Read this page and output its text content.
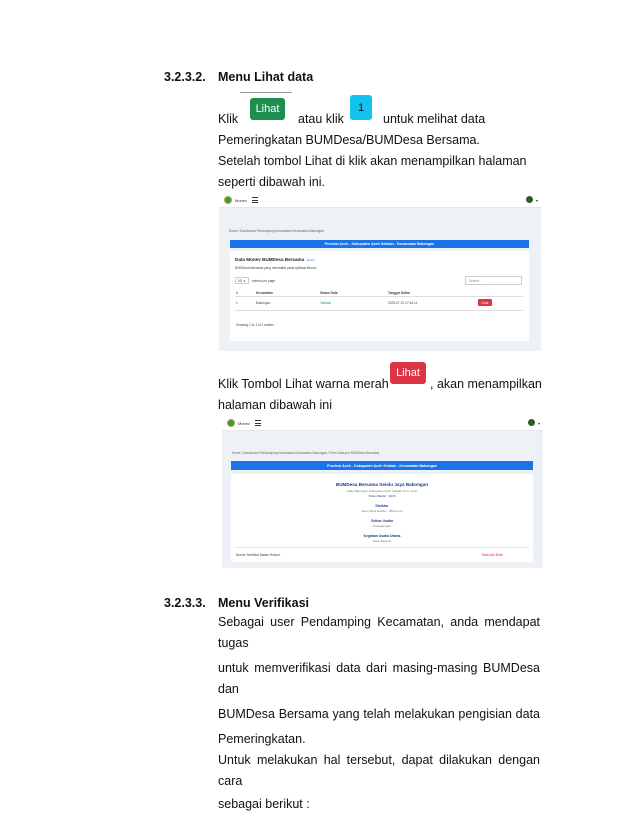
3.2.3.2. Menu Lihat data
Klik
Lihat
atau klik
1
untuk melihat data
Pemeringkatan BUMDesa/BUMDesa Bersama.
Setelah tombol Lihat di klik akan menampilkan halaman
seperti dibawah ini.
Monev	▾
Home / Dashboard Pendamping Kecamatan Kecamatan Bakongan
Provinsi Aceh - Kabupaten Aceh Selatan - Kecamatan Bakongan
Data Monev BUMDesa Bersama - Excel
BUMDesa Bersama yang mendaftar pada Aplikasi Monev
10 ▾ entries per page	Search...
#	Kecamatan	Status Data	Tanggal Daftar
1	Bakongan	Validasi	2025-07-31 07:44:11	Lihat
Showing 1 to 1 of 1 entries
Klik Tombol Lihat warna merah
Lihat
, akan menampilkan
halaman dibawah ini
Monev	▾
Home / Dashboard Pendamping Kecamatan Kecamatan Bakongan / Form Data per BUMDesa Bersama
Provinsi Aceh - Kabupaten Aceh Selatan - Kecamatan Bakongan
BUMDesa Bersama Seiolu Jaya Bakongan
Jalan Bakongan Kabupaten Aceh Selatan Prov. Aceh
Tahun Berdiri : 2015
Direktur
Danu Santi Hasibu - 0823-xxxx
Sektor Usaha
Perdagangan
Kegiatan Usaha Utama
Dana Bergulir
Nomor Sertifikat Badan Hukum :	Tidak ada Bukti
3.2.3.3. Menu Verifikasi
Sebagai user Pendamping Kecamatan, anda mendapat tugas
untuk memverifikasi data dari masing-masing BUMDesa dan
BUMDesa Bersama yang telah melakukan pengisian data
Pemeringkatan.
Untuk melakukan hal tersebut, dapat dilakukan dengan cara
sebagai berikut :
